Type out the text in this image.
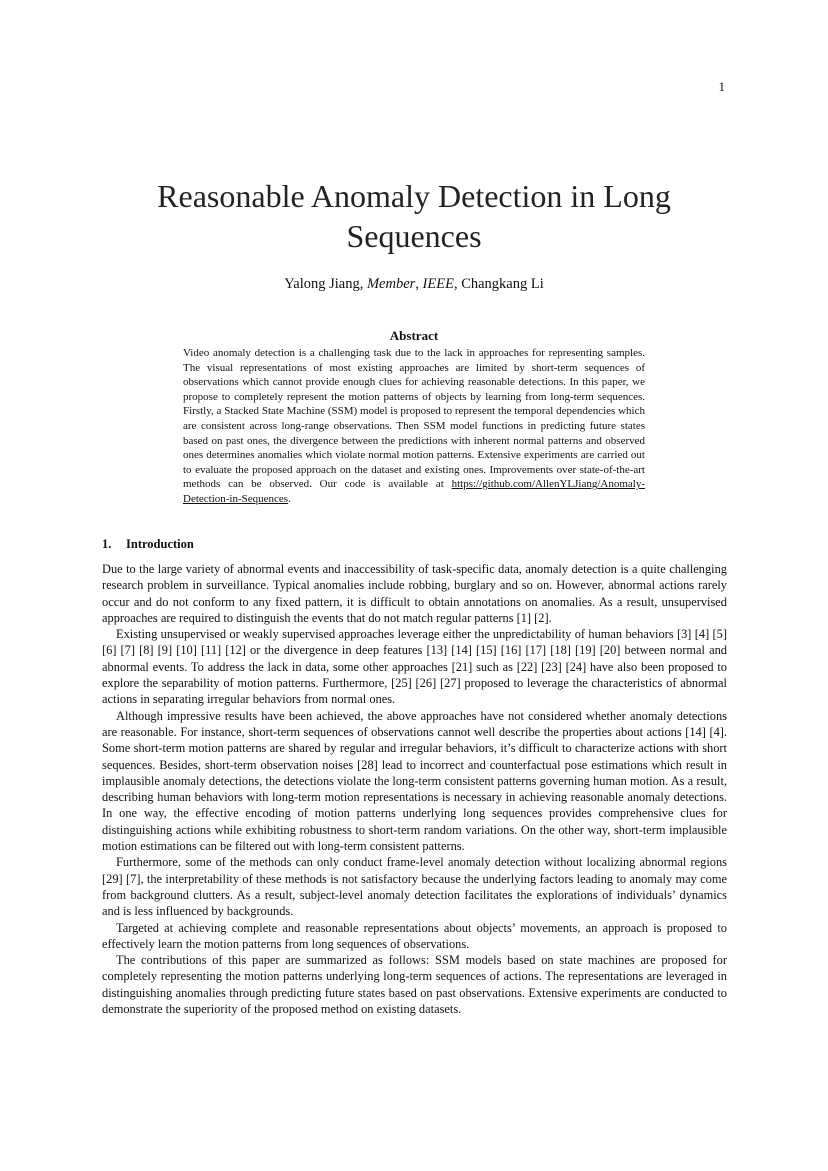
1
Reasonable Anomaly Detection in Long
Sequences
Yalong Jiang, Member, IEEE, Changkang Li
Abstract
Video anomaly detection is a challenging task due to the lack in approaches for representing samples. The visual representations of most existing approaches are limited by short-term sequences of observations which cannot provide enough clues for achieving reasonable detections. In this paper, we propose to completely represent the motion patterns of objects by learning from long-term sequences. Firstly, a Stacked State Machine (SSM) model is proposed to represent the temporal dependencies which are consistent across long-range observations. Then SSM model functions in predicting future states based on past ones, the divergence between the predictions with inherent normal patterns and observed ones determines anomalies which violate normal motion patterns. Extensive experiments are carried out to evaluate the proposed approach on the dataset and existing ones. Improvements over state-of-the-art methods can be observed. Our code is available at https://github.com/AllenYLJiang/Anomaly-Detection-in-Sequences.
1. Introduction

Due to the large variety of abnormal events and inaccessibility of task-specific data, anomaly detection is a quite challenging research problem in surveillance. Typical anomalies include robbing, burglary and so on. However, abnormal actions rarely occur and do not conform to any fixed pattern, it is difficult to obtain annotations on anomalies. As a result, unsupervised approaches are required to distinguish the events that do not match regular patterns [1] [2].

Existing unsupervised or weakly supervised approaches leverage either the unpredictability of human behaviors [3] [4] [5] [6] [7] [8] [9] [10] [11] [12] or the divergence in deep features [13] [14] [15] [16] [17] [18] [19] [20] between normal and abnormal events. To address the lack in data, some other approaches [21] such as [22] [23] [24] have also been proposed to explore the separability of motion patterns. Furthermore, [25] [26] [27] proposed to leverage the characteristics of abnormal actions in separating irregular behaviors from normal ones.

Although impressive results have been achieved, the above approaches have not considered whether anomaly detections are reasonable. For instance, short-term sequences of observations cannot well describe the properties about actions [14] [4]. Some short-term motion patterns are shared by regular and irregular behaviors, it’s difficult to characterize actions with short sequences. Besides, short-term observation noises [28] lead to incorrect and counterfactual pose estimations which result in implausible anomaly detections, the detections violate the long-term consistent patterns governing human motion. As a result, describing human behaviors with long-term motion representations is necessary in achieving reasonable anomaly detections. In one way, the effective encoding of motion patterns underlying long sequences provides comprehensive clues for distinguishing actions while exhibiting robustness to short-term random variations. On the other way, short-term implausible motion estimations can be filtered out with long-term consistent patterns.

Furthermore, some of the methods can only conduct frame-level anomaly detection without localizing abnormal regions [29] [7], the interpretability of these methods is not satisfactory because the underlying factors leading to anomaly may come from background clutters. As a result, subject-level anomaly detection facilitates the explorations of individuals’ dynamics and is less influenced by backgrounds.

Targeted at achieving complete and reasonable representations about objects’ movements, an approach is proposed to effectively learn the motion patterns from long sequences of observations.

The contributions of this paper are summarized as follows: SSM models based on state machines are proposed for completely representing the motion patterns underlying long-term sequences of actions. The representations are leveraged in distinguishing anomalies through predicting future states based on past observations. Extensive experiments are conducted to demonstrate the superiority of the proposed method on existing datasets.
